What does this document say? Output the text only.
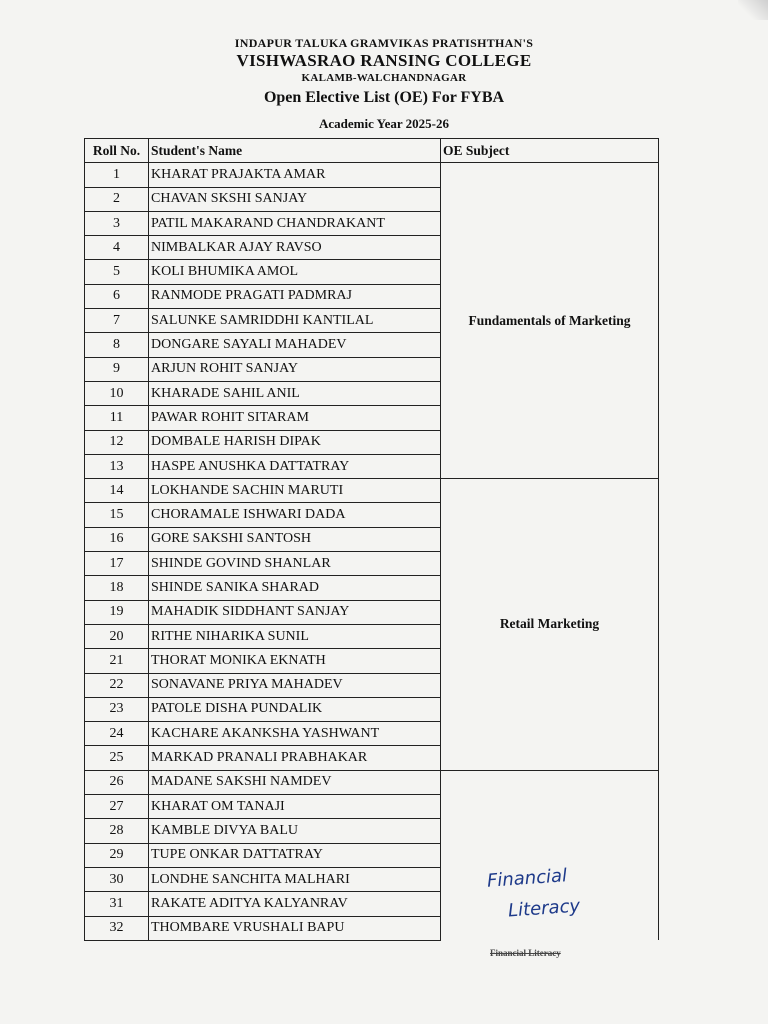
INDAPUR TALUKA GRAMVIKAS PRATISHTHAN'S
VISHWASRAO RANSING COLLEGE
KALAMB-WALCHANDNAGAR
Open Elective List (OE) For FYBA
Academic Year 2025-26
Roll No.	Student's Name	OE Subject
1	KHARAT PRAJAKTA AMAR	Fundamentals of Marketing
2	CHAVAN SKSHI SANJAY	
3	PATIL MAKARAND CHANDRAKANT	
4	NIMBALKAR AJAY RAVSO	
5	KOLI BHUMIKA AMOL	
6	RANMODE PRAGATI PADMRAJ	
7	SALUNKE SAMRIDDHI KANTILAL	
8	DONGARE SAYALI MAHADEV	
9	ARJUN ROHIT SANJAY	
10	KHARADE SAHIL ANIL	
11	PAWAR ROHIT SITARAM	
12	DOMBALE HARISH DIPAK	
13	HASPE ANUSHKA DATTATRAY	
14	LOKHANDE SACHIN MARUTI	Retail Marketing
15	CHORAMALE ISHWARI DADA	
16	GORE SAKSHI SANTOSH	
17	SHINDE GOVIND SHANLAR	
18	SHINDE SANIKA SHARAD	
19	MAHADIK SIDDHANT SANJAY	
20	RITHE NIHARIKA SUNIL	
21	THORAT MONIKA EKNATH	
22	SONAVANE PRIYA MAHADEV	
23	PATOLE DISHA PUNDALIK	
24	KACHARE AKANKSHA YASHWANT	
25	MARKAD PRANALI PRABHAKAR	
26	MADANE SAKSHI NAMDEV	
27	KHARAT OM TANAJI	
28	KAMBLE DIVYA BALU	
29	TUPE ONKAR DATTATRAY	
30	LONDHE SANCHITA MALHARI	
31	RAKATE ADITYA KALYANRAV	
32	THOMBARE VRUSHALI BAPU	
Financial
Literacy
Financial Literacy
